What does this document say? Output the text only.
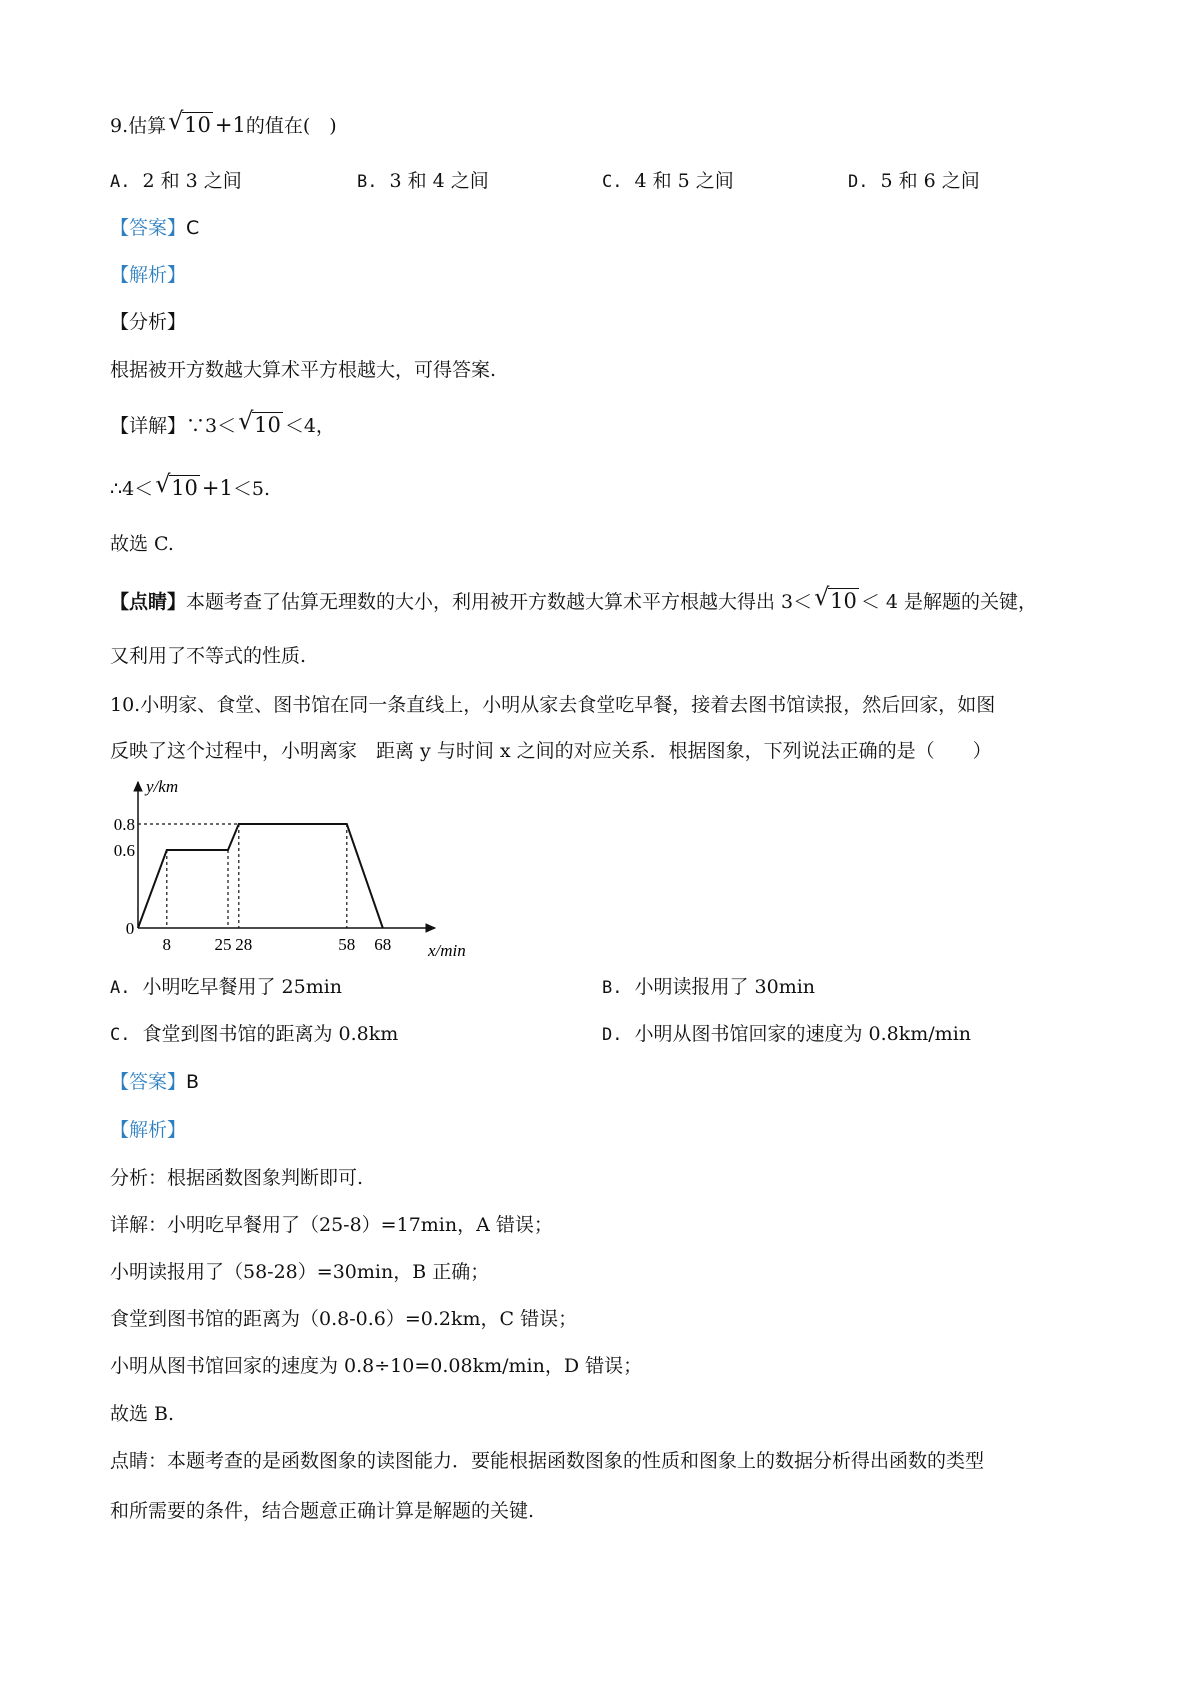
9.估算 √ 10 +1的值在(　)
A. 2 和 3 之间	B. 3 和 4 之间	C. 4 和 5 之间	D. 5 和 6 之间
【答案】C
【解析】
【分析】
根据被开方数越大算术平方根越大，可得答案.
【详解】∵3＜ √ 10 ＜4，
∴4＜ √ 10 +1＜5.
故选 C.
【点睛】本题考查了估算无理数的大小，利用被开方数越大算术平方根越大得出 3＜ √ 10 ＜ 4 是解题的关键，
又利用了不等式的性质.
10.小明家、食堂、图书馆在同一条直线上，小明从家去食堂吃早餐，接着去图书馆读报，然后回家，如图
反映了这个过程中，小明离家　距离 y 与时间 x 之间的对应关系．根据图象，下列说法正确的是（　　）
y/km
x/min
0
8	25 28	58 68
0.6
0.8
A. 小明吃早餐用了 25min	B. 小明读报用了 30min
C. 食堂到图书馆的距离为 0.8km	D. 小明从图书馆回家的速度为 0.8km/min
【答案】B
【解析】
分析：根据函数图象判断即可.
详解：小明吃早餐用了（25-8）=17min，A 错误；
小明读报用了（58-28）=30min，B 正确；
食堂到图书馆的距离为（0.8-0.6）=0.2km，C 错误；
小明从图书馆回家的速度为 0.8÷10=0.08km/min，D 错误；
故选 B.
点睛：本题考查的是函数图象的读图能力．要能根据函数图象的性质和图象上的数据分析得出函数的类型
和所需要的条件，结合题意正确计算是解题的关键.
